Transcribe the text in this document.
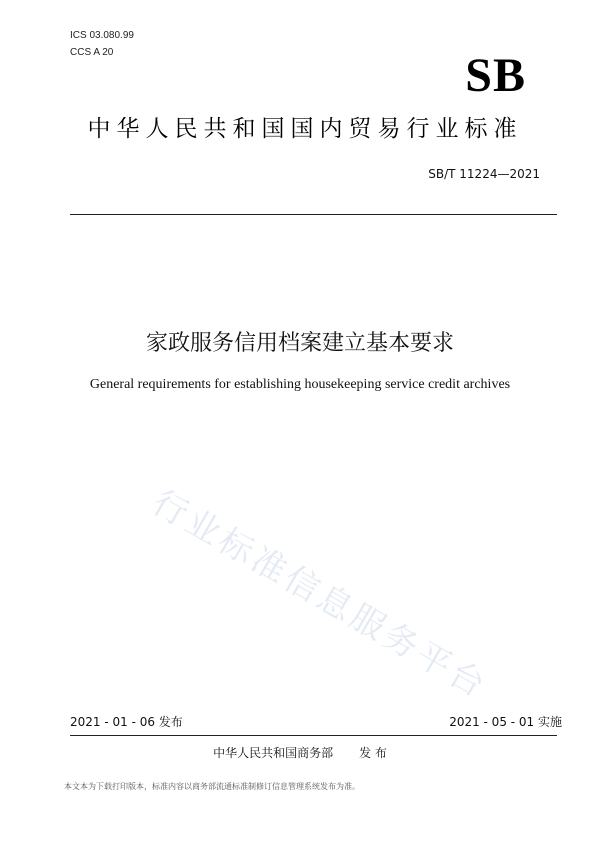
ICS 03.080.99
CCS A 20	SB
中华人民共和国国内贸易行业标准
SB/T 11224—2021
家政服务信用档案建立基本要求
General requirements for establishing housekeeping service credit archives
行业标准信息服务平台
2021 - 01 - 06 发布	2021 - 05 - 01 实施
中华人民共和国商务部 发 布
本文本为下载打印版本，标准内容以商务部流通标准制修订信息管理系统发布为准。
